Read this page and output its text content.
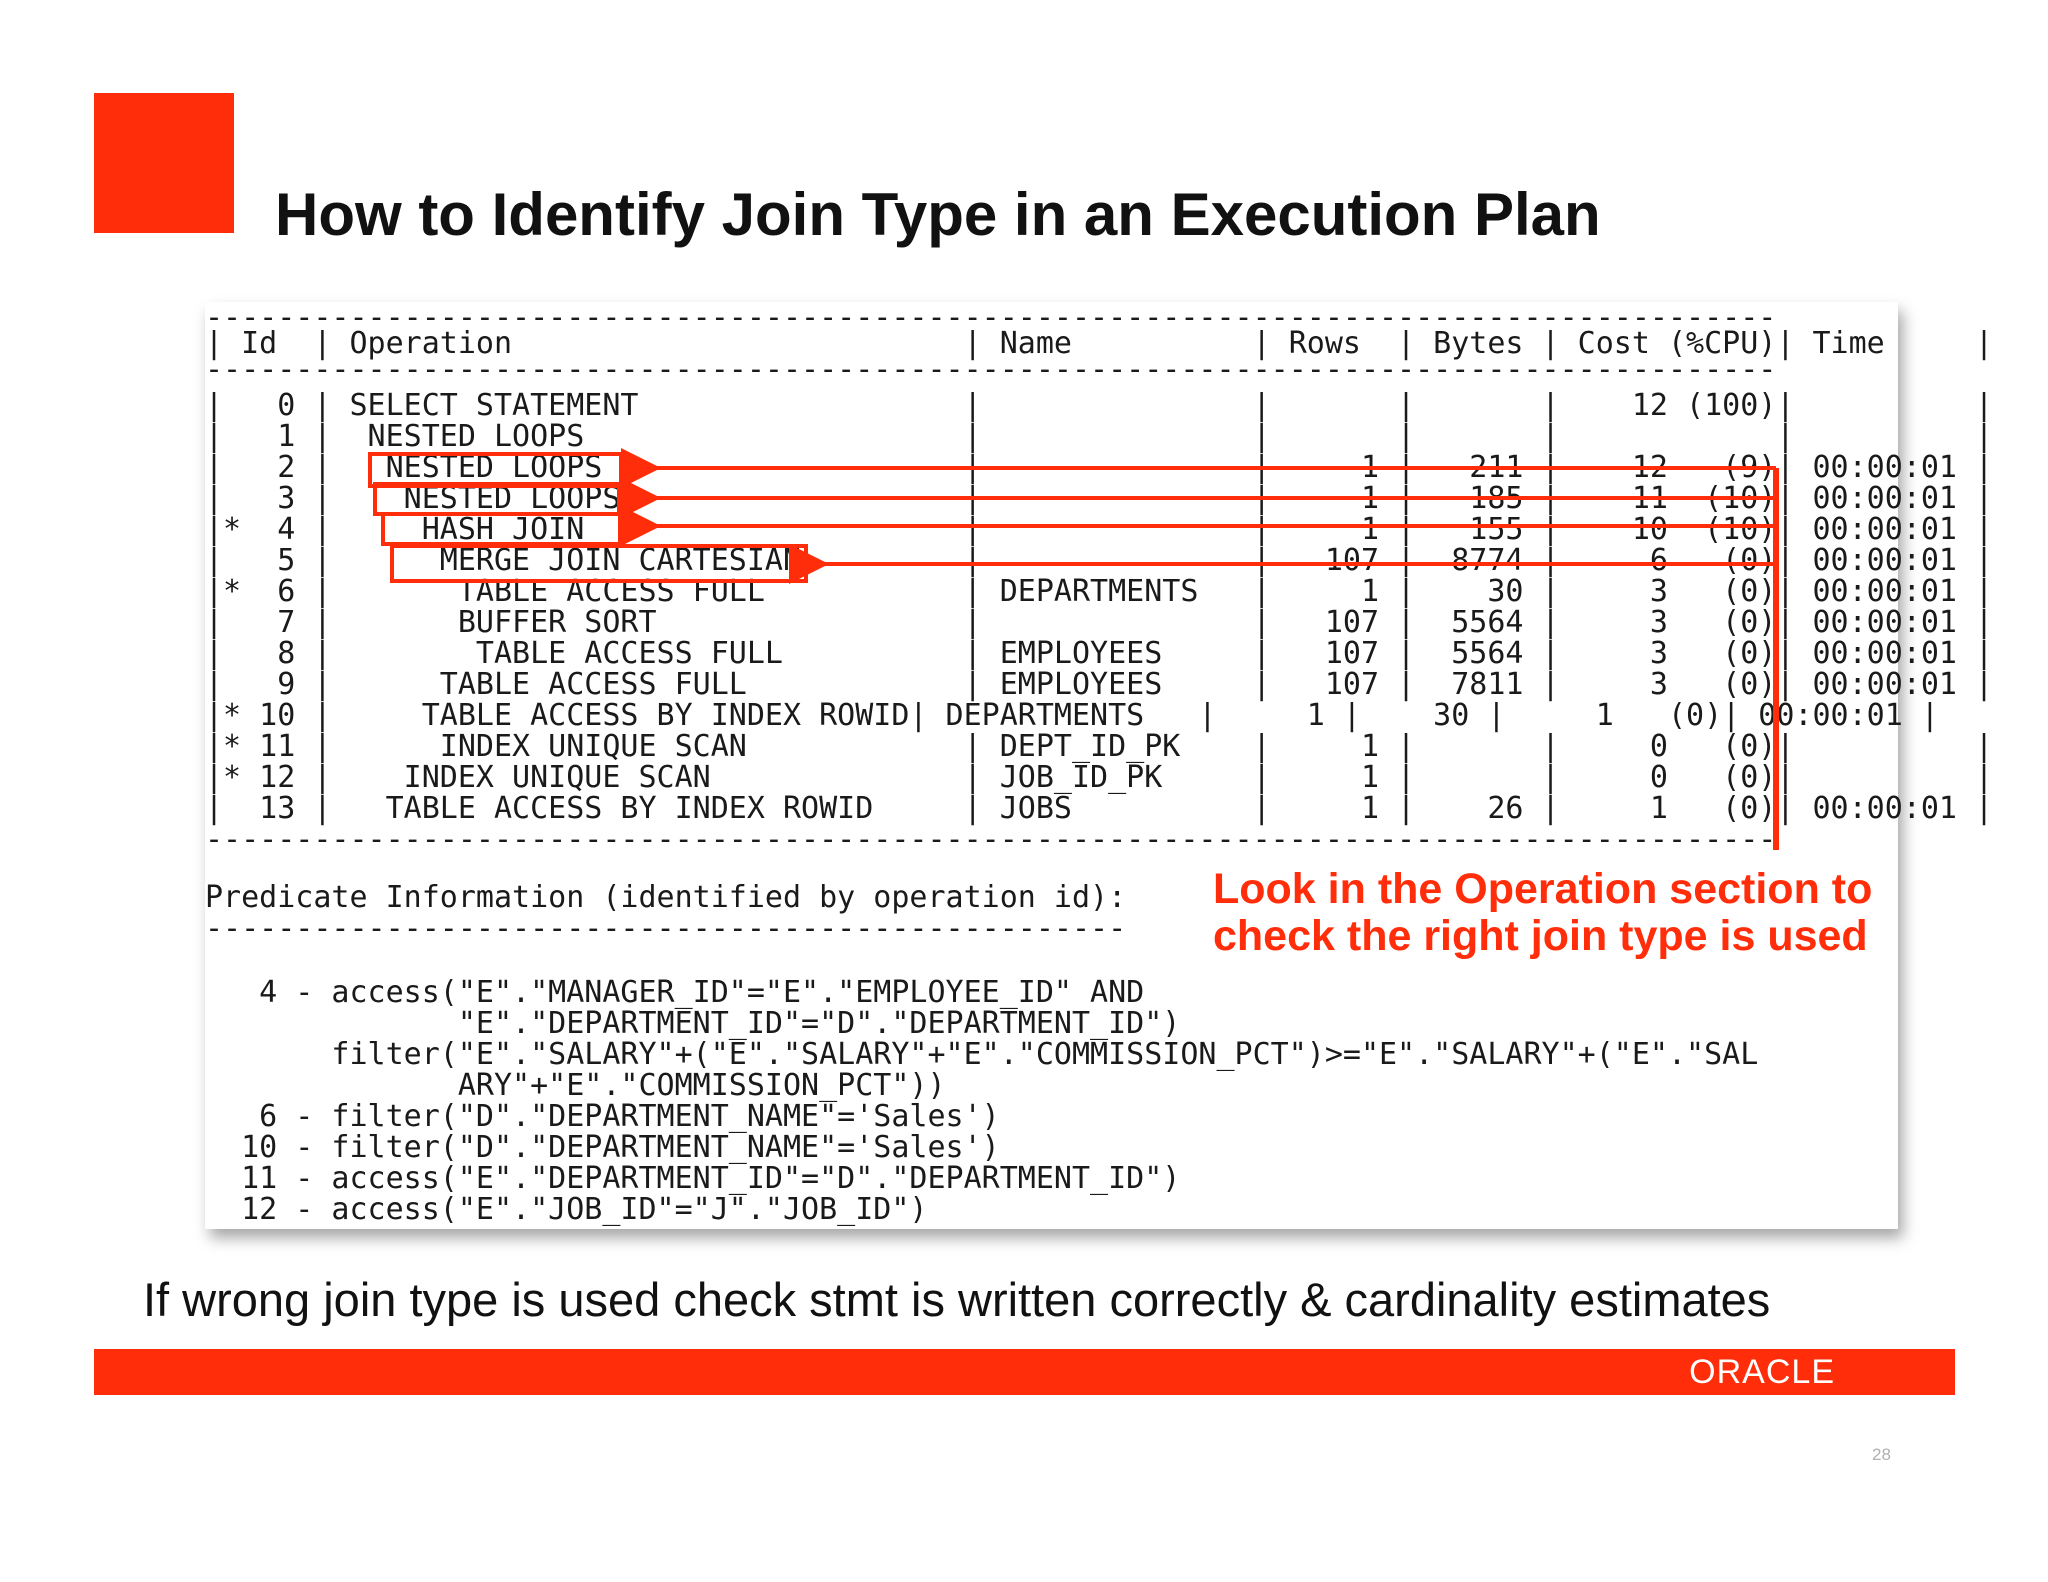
How to Identify Join Type in an Execution Plan
---------------------------------------------------------------------------------------
| Id  | Operation                         | Name          | Rows  | Bytes | Cost (%CPU)| Time     |
---------------------------------------------------------------------------------------
|   0 | SELECT STATEMENT                  |               |       |       |    12 (100)|          |
|   1 |  NESTED LOOPS                     |               |       |       |            |          |
|   2 |   NESTED LOOPS                    |               |     1 |   211 |    12   (9)| 00:00:01 |
|   3 |    NESTED LOOPS                   |               |     1 |   185 |    11  (10)| 00:00:01 |
|*  4 |     HASH JOIN                     |               |     1 |   155 |    10  (10)| 00:00:01 |
|   5 |      MERGE JOIN CARTESIAN         |               |   107 |  8774 |     6   (0)| 00:00:01 |
|*  6 |       TABLE ACCESS FULL           | DEPARTMENTS   |     1 |    30 |     3   (0)| 00:00:01 |
|   7 |       BUFFER SORT                 |               |   107 |  5564 |     3   (0)| 00:00:01 |
|   8 |        TABLE ACCESS FULL          | EMPLOYEES     |   107 |  5564 |     3   (0)| 00:00:01 |
|   9 |      TABLE ACCESS FULL            | EMPLOYEES     |   107 |  7811 |     3   (0)| 00:00:01 |
|* 10 |     TABLE ACCESS BY INDEX ROWID| DEPARTMENTS   |     1 |    30 |     1   (0)| 00:00:01 |
|* 11 |      INDEX UNIQUE SCAN            | DEPT_ID_PK    |     1 |       |     0   (0)|          |
|* 12 |    INDEX UNIQUE SCAN              | JOB_ID_PK     |     1 |       |     0   (0)|          |
|  13 |   TABLE ACCESS BY INDEX ROWID     | JOBS          |     1 |    26 |     1   (0)| 00:00:01 |
---------------------------------------------------------------------------------------
Predicate Information (identified by operation id):
---------------------------------------------------
4 - access("E"."MANAGER_ID"="E"."EMPLOYEE_ID" AND
"E"."DEPARTMENT_ID"="D"."DEPARTMENT_ID")
filter("E"."SALARY"+("E"."SALARY"+"E"."COMMISSION_PCT")>="E"."SALARY"+("E"."SAL
ARY"+"E"."COMMISSION_PCT"))
6 - filter("D"."DEPARTMENT_NAME"='Sales')
10 - filter("D"."DEPARTMENT_NAME"='Sales')
11 - access("E"."DEPARTMENT_ID"="D"."DEPARTMENT_ID")
12 - access("E"."JOB_ID"="J"."JOB_ID")

Look in the Operation section to check the right join type is used

If wrong join type is used check stmt is written correctly & cardinality estimates

ORACLE
28
